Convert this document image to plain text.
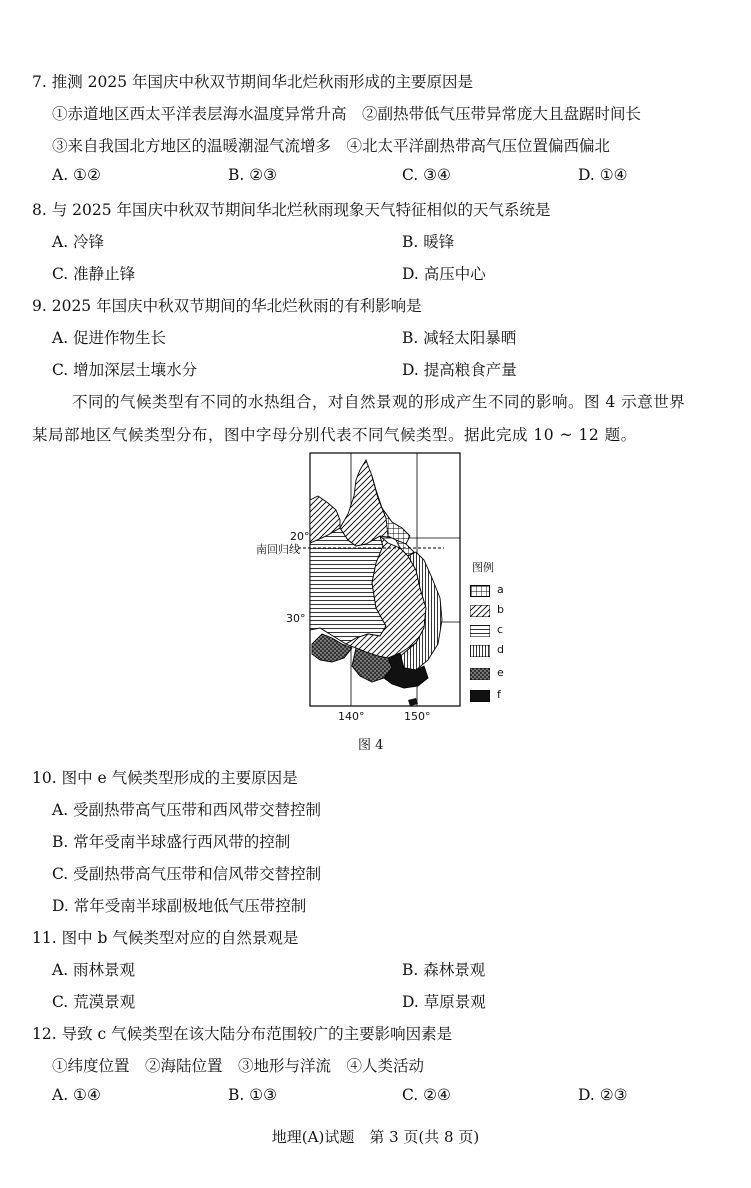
7. 推测 2025 年国庆中秋双节期间华北烂秋雨形成的主要原因是
①赤道地区西太平洋表层海水温度异常升高　②副热带低气压带异常庞大且盘踞时间长
③来自我国北方地区的温暖潮湿气流增多　④北太平洋副热带高气压位置偏西偏北
A. ①②	B. ②③	C. ③④	D. ①④
8. 与 2025 年国庆中秋双节期间华北烂秋雨现象天气特征相似的天气系统是
A. 冷锋	B. 暖锋
C. 准静止锋	D. 高压中心
9. 2025 年国庆中秋双节期间的华北烂秋雨的有利影响是
A. 促进作物生长	B. 减轻太阳暴晒
C. 增加深层土壤水分	D. 提高粮食产量
不同的气候类型有不同的水热组合，对自然景观的形成产生不同的影响。图 4 示意世界
某局部地区气候类型分布，图中字母分别代表不同气候类型。据此完成 10 ~ 12 题。
20°
30°
南回归线
140°	150°
图例
a
b
c
d
e
f
图 4
10. 图中 e 气候类型形成的主要原因是
A. 受副热带高气压带和西风带交替控制
B. 常年受南半球盛行西风带的控制
C. 受副热带高气压带和信风带交替控制
D. 常年受南半球副极地低气压带控制
11. 图中 b 气候类型对应的自然景观是
A. 雨林景观	B. 森林景观
C. 荒漠景观	D. 草原景观
12. 导致 c 气候类型在该大陆分布范围较广的主要影响因素是
①纬度位置　②海陆位置　③地形与洋流　④人类活动
A. ①④	B. ①③	C. ②④	D. ②③
地理(A)试题　第 3 页(共 8 页)
